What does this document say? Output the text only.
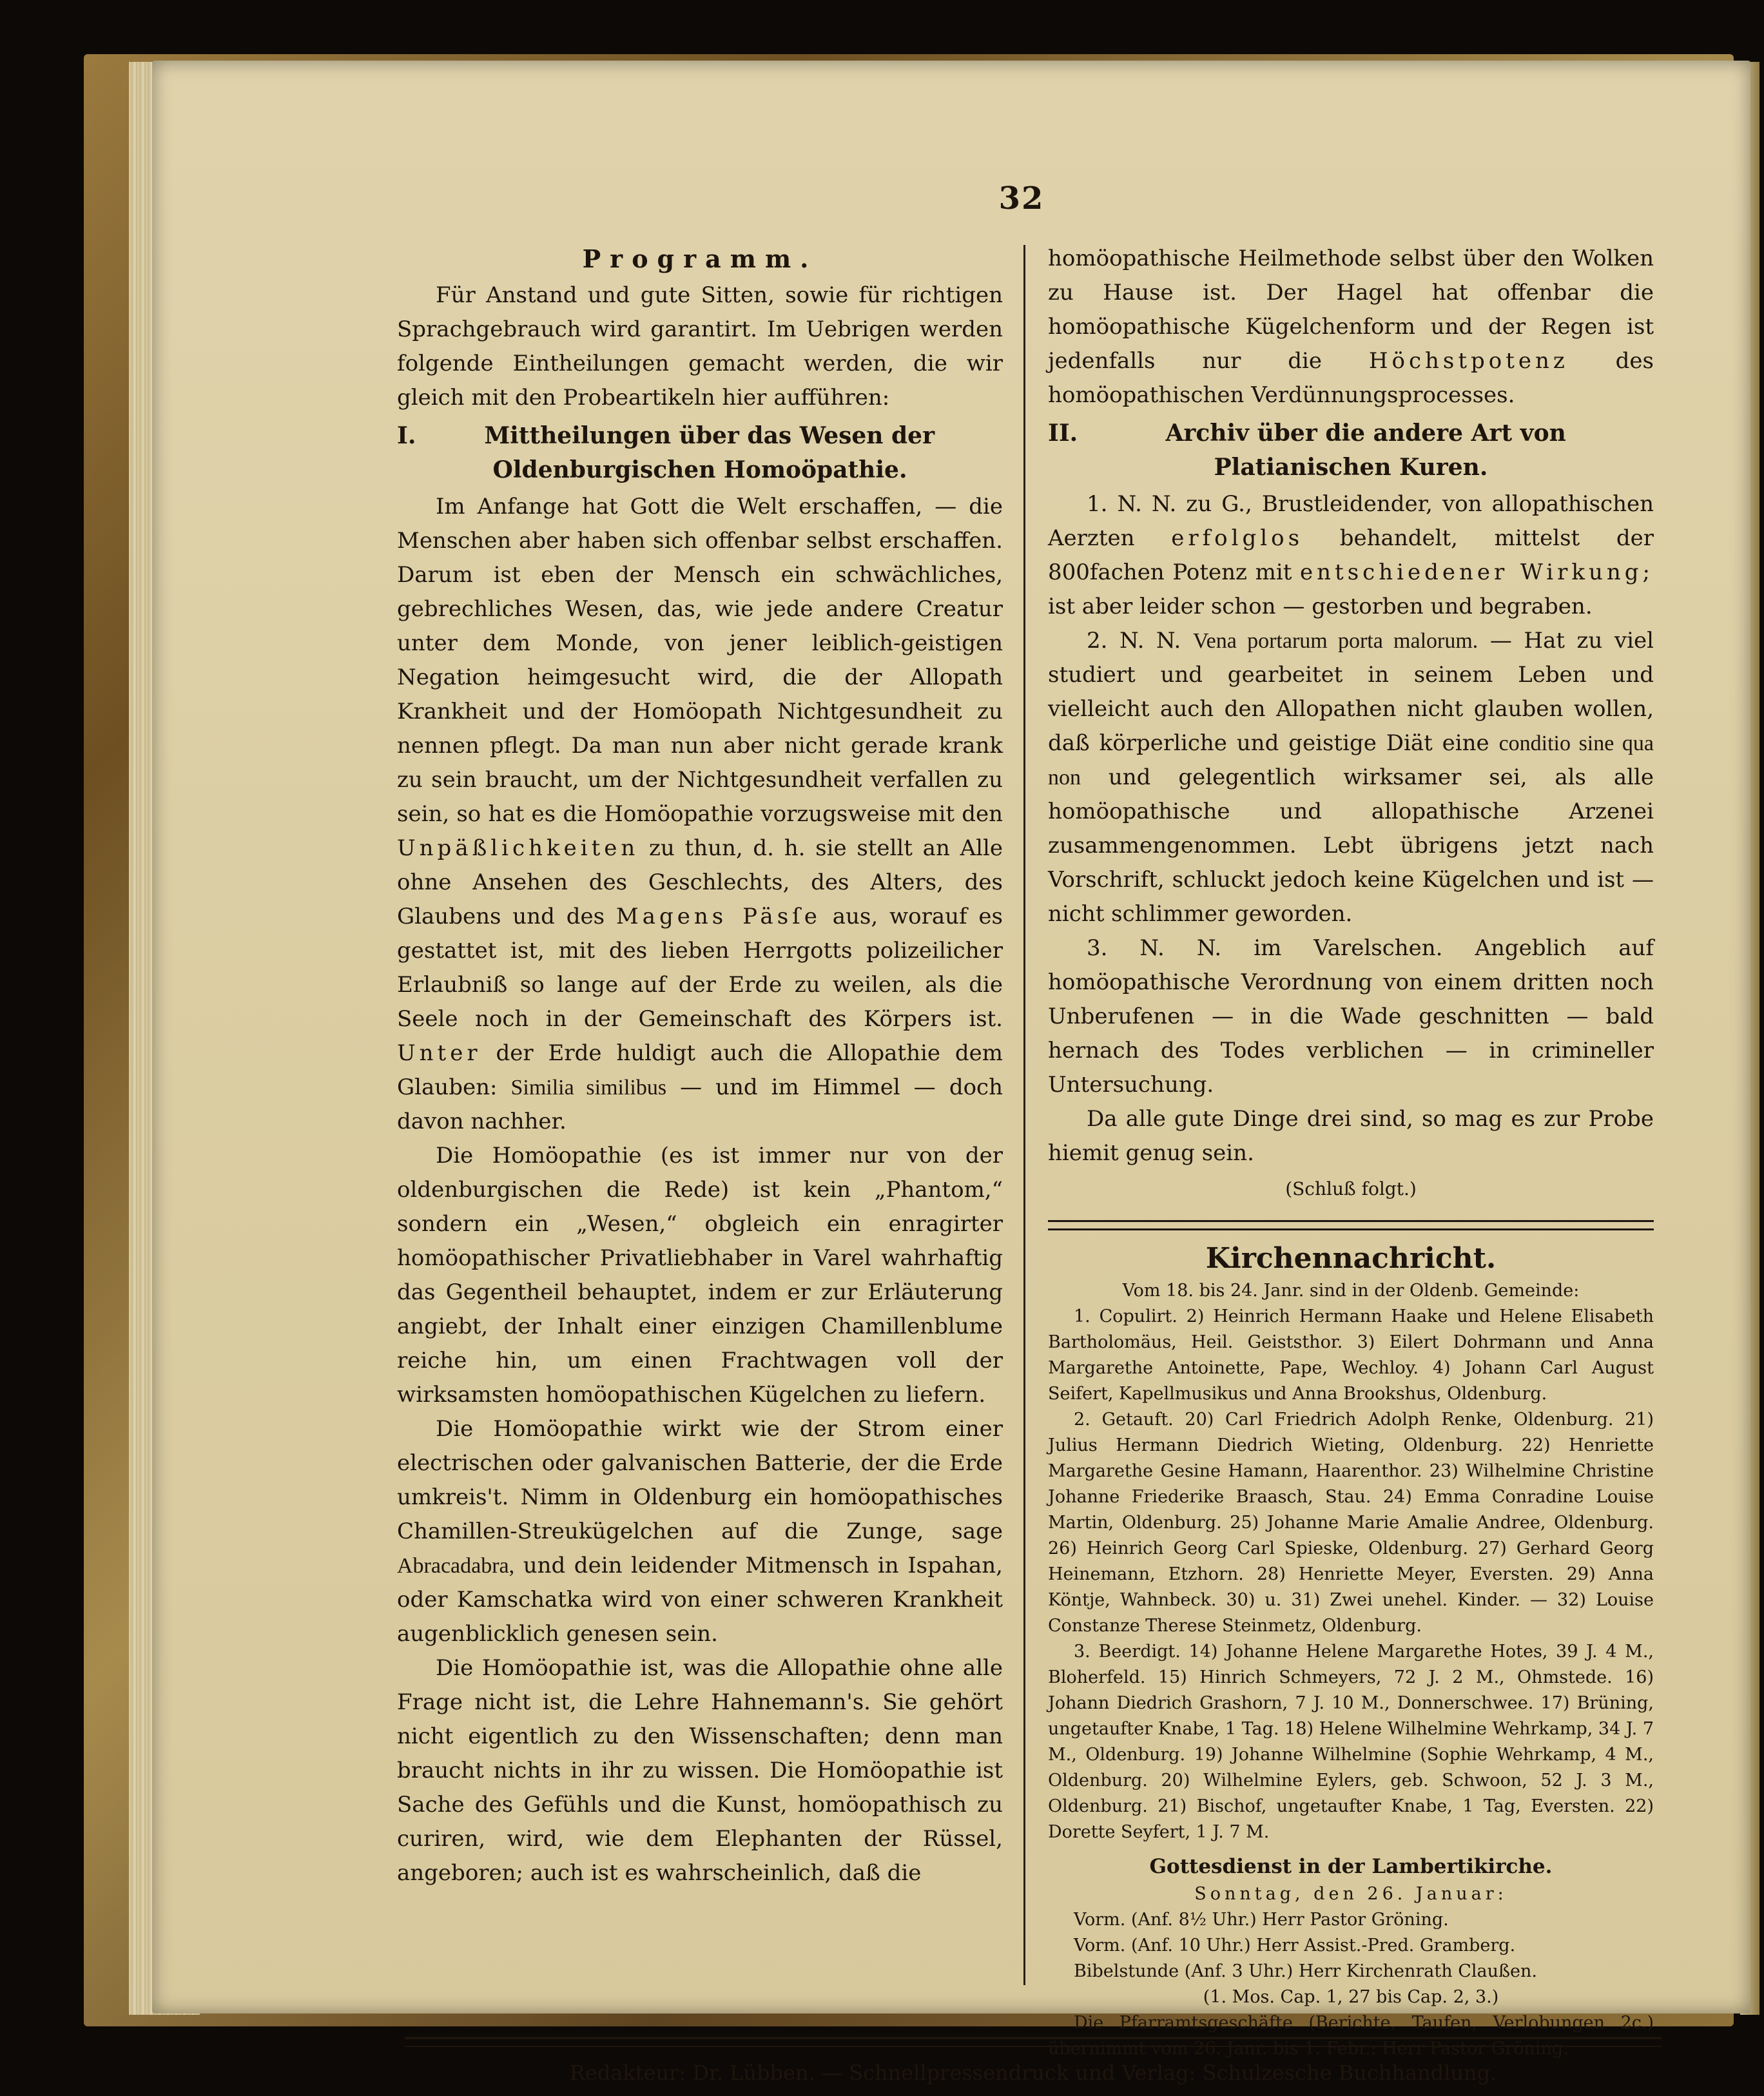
32
Programm.

Für Anstand und gute Sitten, sowie für richtigen Sprachgebrauch wird garantirt. Im Uebrigen werden folgende Eintheilungen gemacht werden, die wir gleich mit den Probeartikeln hier aufführen:

I.	Mittheilungen über das Wesen der Oldenburgischen Homoöpathie.

Im Anfange hat Gott die Welt erschaffen, — die Menschen aber haben sich offenbar selbst erschaffen. Darum ist eben der Mensch ein schwächliches, gebrechliches Wesen, das, wie jede andere Creatur unter dem Monde, von jener leiblich-geistigen Negation heimgesucht wird, die der Allopath Krankheit und der Homöopath Nichtgesundheit zu nennen pflegt. Da man nun aber nicht gerade krank zu sein braucht, um der Nichtgesundheit verfallen zu sein, so hat es die Homöopathie vorzugsweise mit den Unpäßlichkeiten zu thun, d. h. sie stellt an Alle ohne Ansehen des Geschlechts, des Alters, des Glaubens und des Magens Päsſe aus, worauf es gestattet ist, mit des lieben Herrgotts polizeilicher Erlaubniß so lange auf der Erde zu weilen, als die Seele noch in der Gemeinschaft des Körpers ist. Unter der Erde huldigt auch die Allopathie dem Glauben: Similia similibus — und im Himmel — doch davon nachher.

Die Homöopathie (es ist immer nur von der oldenburgischen die Rede) ist kein „Phantom,“ sondern ein „Wesen,“ obgleich ein enragirter homöopathischer Privatliebhaber in Varel wahrhaftig das Gegentheil behauptet, indem er zur Erläuterung angiebt, der Inhalt einer einzigen Chamillenblume reiche hin, um einen Frachtwagen voll der wirksamsten homöopathischen Kügelchen zu liefern.

Die Homöopathie wirkt wie der Strom einer electrischen oder galvanischen Batterie, der die Erde umkreis't. Nimm in Oldenburg ein homöopathisches Chamillen-Streukügelchen auf die Zunge, sage Abracadabra, und dein leidender Mitmensch in Ispahan, oder Kamschatka wird von einer schweren Krankheit augenblicklich genesen sein.

Die Homöopathie ist, was die Allopathie ohne alle Frage nicht ist, die Lehre Hahnemann's. Sie gehört nicht eigentlich zu den Wissenschaften; denn man braucht nichts in ihr zu wissen. Die Homöopathie ist Sache des Gefühls und die Kunst, homöopathisch zu curiren, wird, wie dem Elephanten der Rüssel, angeboren; auch ist es wahrscheinlich, daß die

homöopathische Heilmethode selbst über den Wolken zu Hause ist. Der Hagel hat offenbar die homöopathische Kügelchenform und der Regen ist jedenfalls nur die Höchstpotenz des homöopathischen Verdünnungsprocesses.

II.	Archiv über die andere Art von Platianischen Kuren.

1. N. N. zu G., Brustleidender, von allopathischen Aerzten erfolglos behandelt, mittelst der 800fachen Potenz mit entschiedener Wirkung; ist aber leider schon — gestorben und begraben.

2. N. N. Vena portarum porta malorum. — Hat zu viel studiert und gearbeitet in seinem Leben und vielleicht auch den Allopathen nicht glauben wollen, daß körperliche und geistige Diät eine conditio sine qua non und gelegentlich wirksamer sei, als alle homöopathische und allopathische Arzenei zusammengenommen. Lebt übrigens jetzt nach Vorschrift, schluckt jedoch keine Kügelchen und ist — nicht schlimmer geworden.

3. N. N. im Varelschen. Angeblich auf homöopathische Verordnung von einem dritten noch Unberufenen — in die Wade geschnitten — bald hernach des Todes verblichen — in crimineller Untersuchung.

Da alle gute Dinge drei sind, so mag es zur Probe hiemit genug sein.

(Schluß folgt.)
Kirchennachricht.

Vom 18. bis 24. Janr. sind in der Oldenb. Gemeinde:

1. Copulirt. 2) Heinrich Hermann Haake und Helene Elisabeth Bartholomäus, Heil. Geiststhor. 3) Eilert Dohrmann und Anna Margarethe Antoinette, Pape, Wechloy. 4) Johann Carl August Seifert, Kapellmusikus und Anna Brookshus, Oldenburg.

2. Getauft. 20) Carl Friedrich Adolph Renke, Oldenburg. 21) Julius Hermann Diedrich Wieting, Oldenburg. 22) Henriette Margarethe Gesine Hamann, Haarenthor. 23) Wilhelmine Christine Johanne Friederike Braasch, Stau. 24) Emma Conradine Louise Martin, Oldenburg. 25) Johanne Marie Amalie Andree, Oldenburg. 26) Heinrich Georg Carl Spieske, Oldenburg. 27) Gerhard Georg Heinemann, Etzhorn. 28) Henriette Meyer, Eversten. 29) Anna Köntje, Wahnbeck. 30) u. 31) Zwei unehel. Kinder. — 32) Louise Constanze Therese Steinmetz, Oldenburg.

3. Beerdigt. 14) Johanne Helene Margarethe Hotes, 39 J. 4 M., Bloherfeld. 15) Hinrich Schmeyers, 72 J. 2 M., Ohmstede. 16) Johann Diedrich Grashorn, 7 J. 10 M., Donnerschwee. 17) Brüning, ungetaufter Knabe, 1 Tag. 18) Helene Wilhelmine Wehrkamp, 34 J. 7 M., Oldenburg. 19) Johanne Wilhelmine (Sophie Wehrkamp, 4 M., Oldenburg. 20) Wilhelmine Eylers, geb. Schwoon, 52 J. 3 M., Oldenburg. 21) Bischof, ungetaufter Knabe, 1 Tag, Eversten. 22) Dorette Seyfert, 1 J. 7 M.

Gottesdienst in der Lambertikirche.

Sonntag, den 26. Januar:

Vorm. (Anf. 8½ Uhr.) Herr Pastor Gröning.

Vorm. (Anf. 10 Uhr.) Herr Assist.-Pred. Gramberg.

Bibelstunde (Anf. 3 Uhr.) Herr Kirchenrath Claußen.

(1. Mos. Cap. 1, 27 bis Cap. 2, 3.)

Die Pfarramtsgeschäfte (Berichte, Taufen, Verlobungen 2c.) übernimmt vom 26. Janr. bis 1. Febr.: Herr Pastor Gröning.

Redakteur: Dr. Lübben. — Schnellpressendruck und Verlag: Schulzesche Buchhandlung.
